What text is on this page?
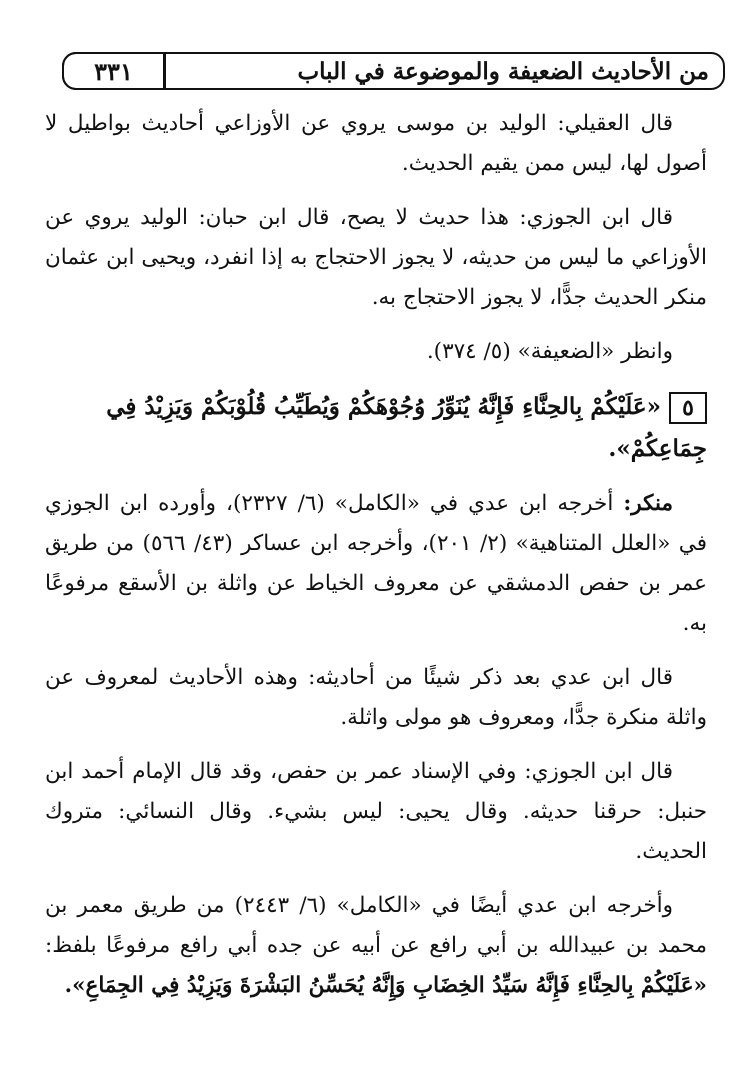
من الأحاديث الضعيفة والموضوعة في الباب
٣٣١

قال العقيلي: الوليد بن موسى يروي عن الأوزاعي أحاديث بواطيل لا أصول لها، ليس ممن يقيم الحديث.

قال ابن الجوزي: هذا حديث لا يصح، قال ابن حبان: الوليد يروي عن الأوزاعي ما ليس من حديثه، لا يجوز الاحتجاج به إذا انفرد، ويحيى ابن عثمان منكر الحديث جدًّا، لا يجوز الاحتجاج به.

وانظر «الضعيفة» (٥/ ٣٧٤).

٥«عَلَيْكُمْ بِالحِنَّاءِ فَإِنَّهُ يُنَوِّرُ وُجُوْهَكُمْ وَيُطَيِّبُ قُلُوْبَكُمْ وَيَزِيْدُ فِي جِمَاعِكُمْ».

منكر: أخرجه ابن عدي في «الكامل» (٦/ ٢٣٢٧)، وأورده ابن الجوزي في «العلل المتناهية» (٢/ ٢٠١)، وأخرجه ابن عساكر (٤٣/ ٥٦٦) من طريق عمر بن حفص الدمشقي عن معروف الخياط عن واثلة بن الأسقع مرفوعًا به.

قال ابن عدي بعد ذكر شيئًا من أحاديثه: وهذه الأحاديث لمعروف عن واثلة منكرة جدًّا، ومعروف هو مولى واثلة.

قال ابن الجوزي: وفي الإسناد عمر بن حفص، وقد قال الإمام أحمد ابن حنبل: حرقنا حديثه. وقال يحيى: ليس بشيء. وقال النسائي: متروك الحديث.

وأخرجه ابن عدي أيضًا في «الكامل» (٦/ ٢٤٤٣) من طريق معمر بن محمد بن عبيدالله بن أبي رافع عن أبيه عن جده أبي رافع مرفوعًا بلفظ: «عَلَيْكُمْ بِالحِنَّاءِ فَإِنَّهُ سَيِّدُ الخِضَابِ وَإِنَّهُ يُحَسِّنُ البَشْرَةَ وَيَزِيْدُ فِي الجِمَاعِ».
